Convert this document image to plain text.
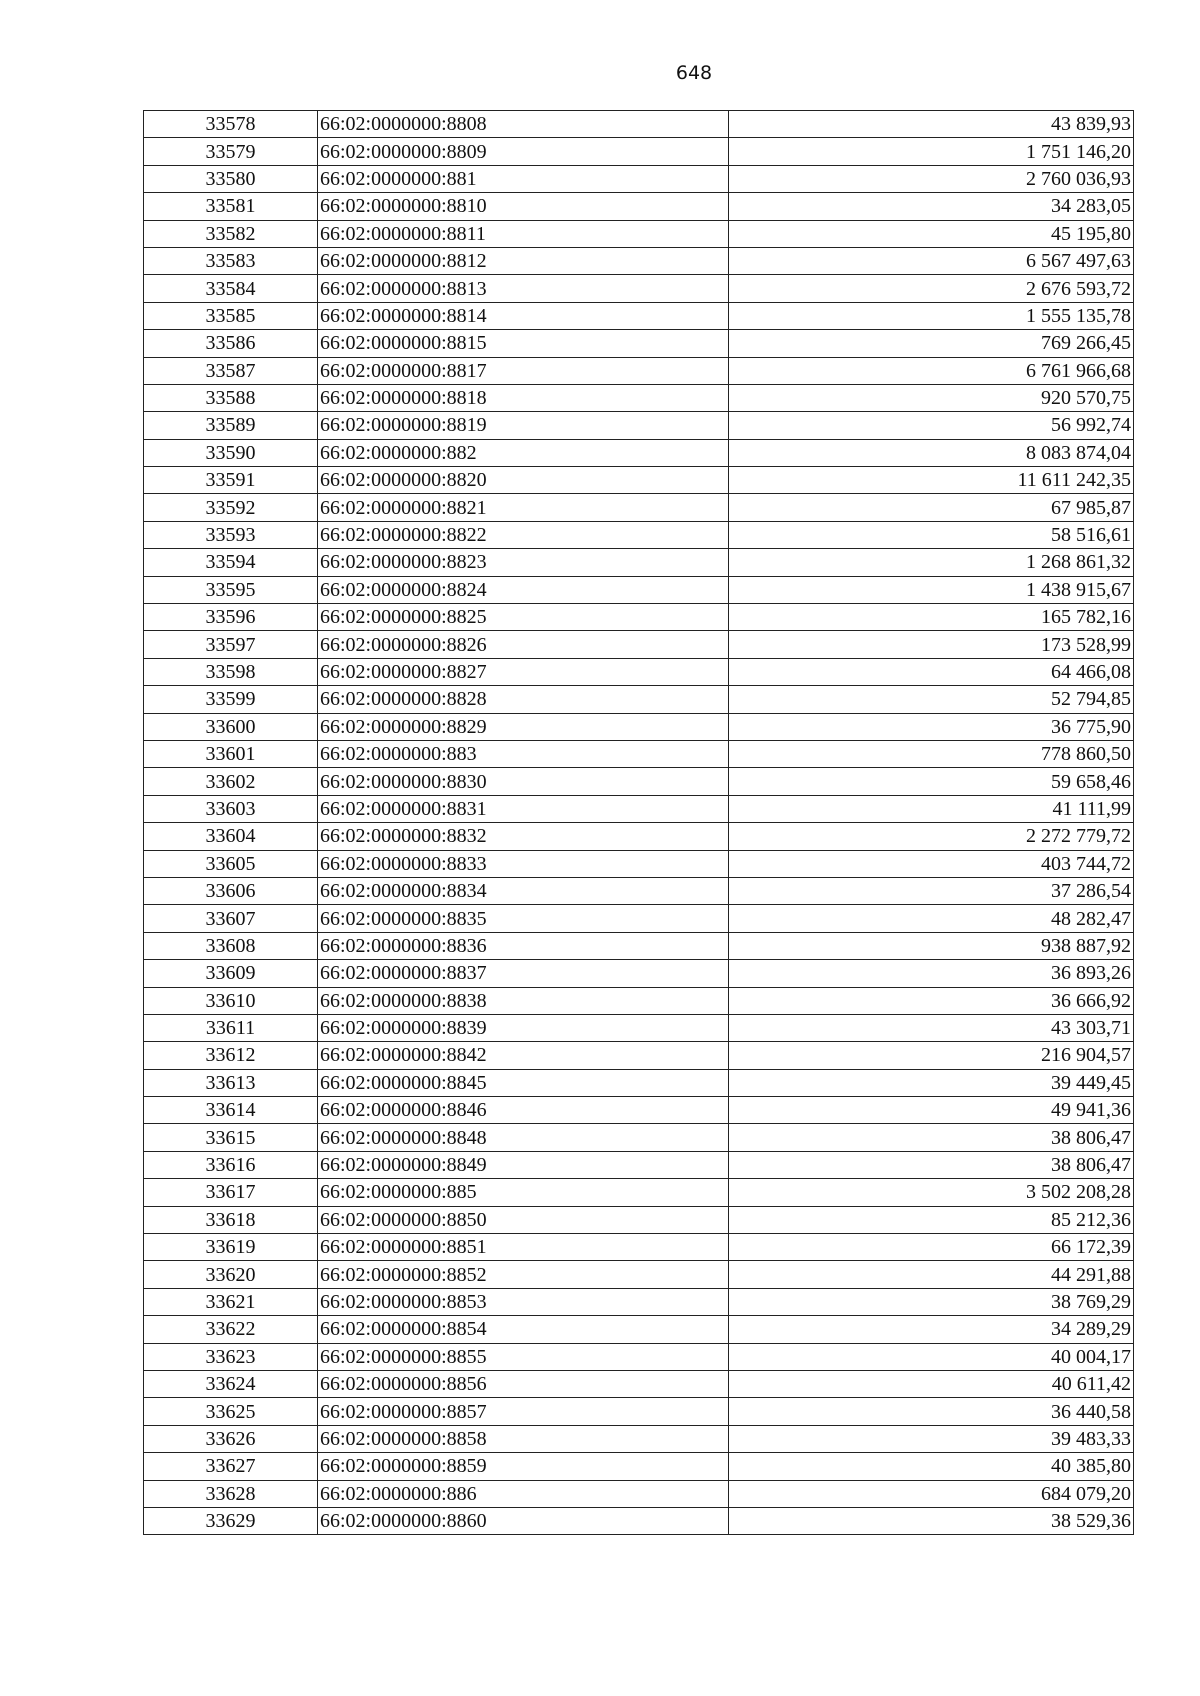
648
33578	66:02:0000000:8808	43 839,93
33579	66:02:0000000:8809	1 751 146,20
33580	66:02:0000000:881	2 760 036,93
33581	66:02:0000000:8810	34 283,05
33582	66:02:0000000:8811	45 195,80
33583	66:02:0000000:8812	6 567 497,63
33584	66:02:0000000:8813	2 676 593,72
33585	66:02:0000000:8814	1 555 135,78
33586	66:02:0000000:8815	769 266,45
33587	66:02:0000000:8817	6 761 966,68
33588	66:02:0000000:8818	920 570,75
33589	66:02:0000000:8819	56 992,74
33590	66:02:0000000:882	8 083 874,04
33591	66:02:0000000:8820	11 611 242,35
33592	66:02:0000000:8821	67 985,87
33593	66:02:0000000:8822	58 516,61
33594	66:02:0000000:8823	1 268 861,32
33595	66:02:0000000:8824	1 438 915,67
33596	66:02:0000000:8825	165 782,16
33597	66:02:0000000:8826	173 528,99
33598	66:02:0000000:8827	64 466,08
33599	66:02:0000000:8828	52 794,85
33600	66:02:0000000:8829	36 775,90
33601	66:02:0000000:883	778 860,50
33602	66:02:0000000:8830	59 658,46
33603	66:02:0000000:8831	41 111,99
33604	66:02:0000000:8832	2 272 779,72
33605	66:02:0000000:8833	403 744,72
33606	66:02:0000000:8834	37 286,54
33607	66:02:0000000:8835	48 282,47
33608	66:02:0000000:8836	938 887,92
33609	66:02:0000000:8837	36 893,26
33610	66:02:0000000:8838	36 666,92
33611	66:02:0000000:8839	43 303,71
33612	66:02:0000000:8842	216 904,57
33613	66:02:0000000:8845	39 449,45
33614	66:02:0000000:8846	49 941,36
33615	66:02:0000000:8848	38 806,47
33616	66:02:0000000:8849	38 806,47
33617	66:02:0000000:885	3 502 208,28
33618	66:02:0000000:8850	85 212,36
33619	66:02:0000000:8851	66 172,39
33620	66:02:0000000:8852	44 291,88
33621	66:02:0000000:8853	38 769,29
33622	66:02:0000000:8854	34 289,29
33623	66:02:0000000:8855	40 004,17
33624	66:02:0000000:8856	40 611,42
33625	66:02:0000000:8857	36 440,58
33626	66:02:0000000:8858	39 483,33
33627	66:02:0000000:8859	40 385,80
33628	66:02:0000000:886	684 079,20
33629	66:02:0000000:8860	38 529,36
